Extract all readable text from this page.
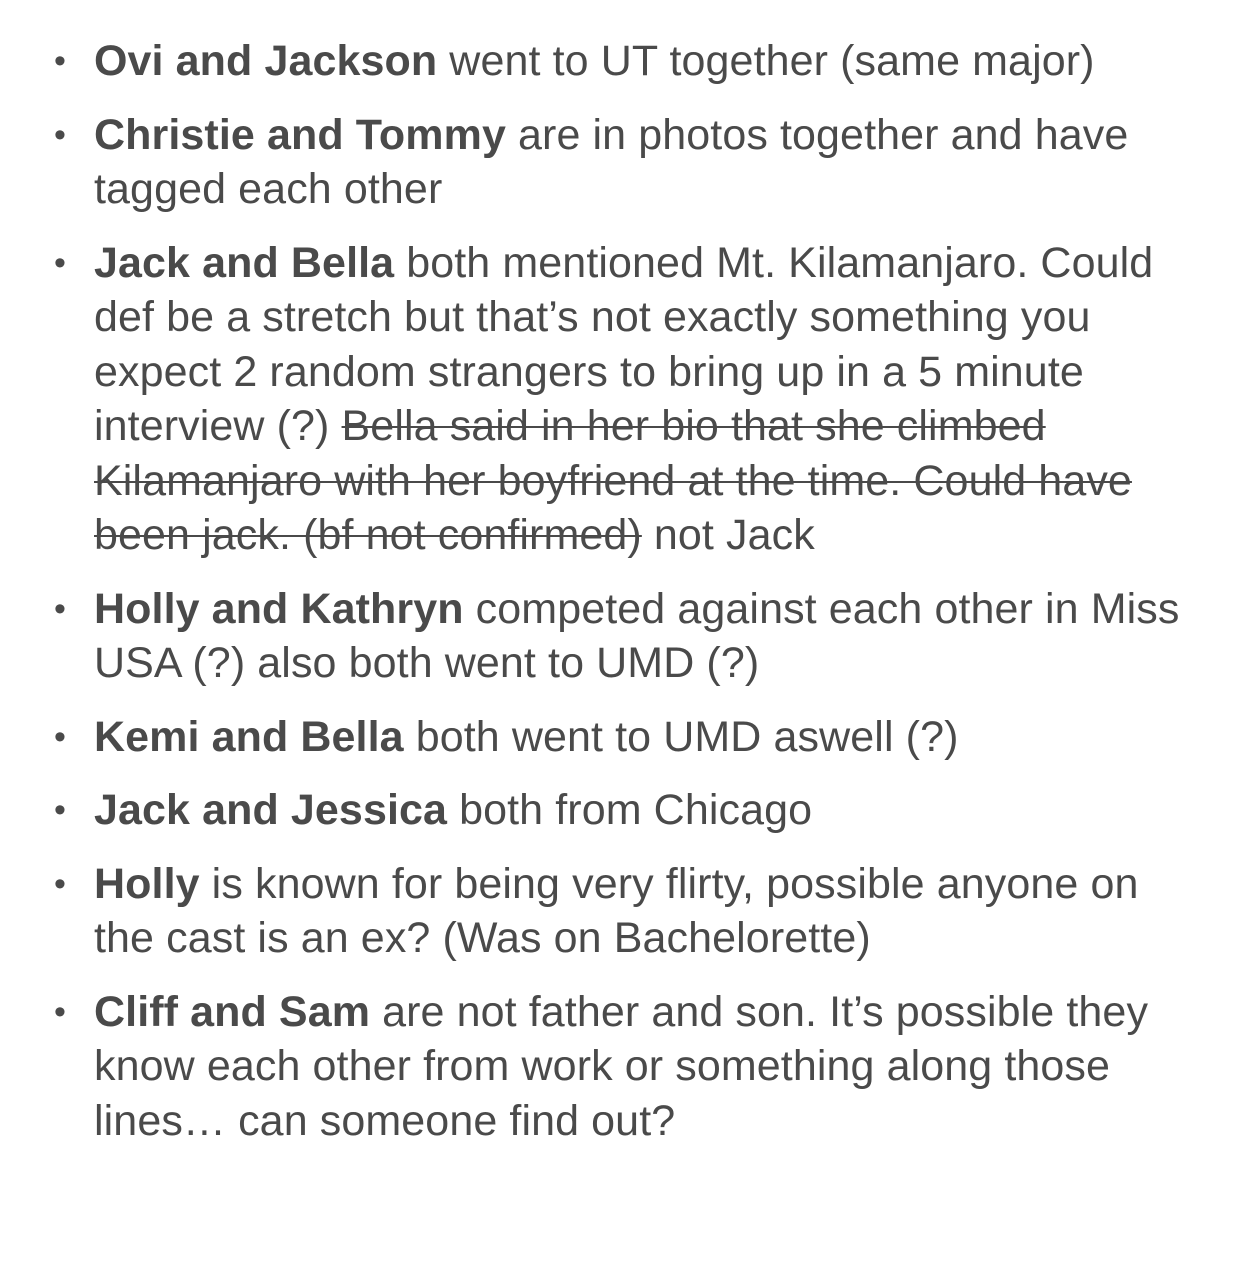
• Ovi and Jackson went to UT together (same major)
• Christie and Tommy are in photos together and have tagged each other
• Jack and Bella both mentioned Mt. Kilamanjaro. Could def be a stretch but that’s not exactly something you expect 2 random strangers to bring up in a 5 minute interview (?) Bella said in her bio that she climbed Kilamanjaro with her boyfriend at the time. Could have been jack. (bf not confirmed) not Jack
• Holly and Kathryn competed against each other in Miss USA (?) also both went to UMD (?)
• Kemi and Bella both went to UMD aswell (?)
• Jack and Jessica both from Chicago
• Holly is known for being very flirty, possible anyone on the cast is an ex? (Was on Bachelorette)
• Cliff and Sam are not father and son. It’s possible they know each other from work or something along those lines… can someone find out?
